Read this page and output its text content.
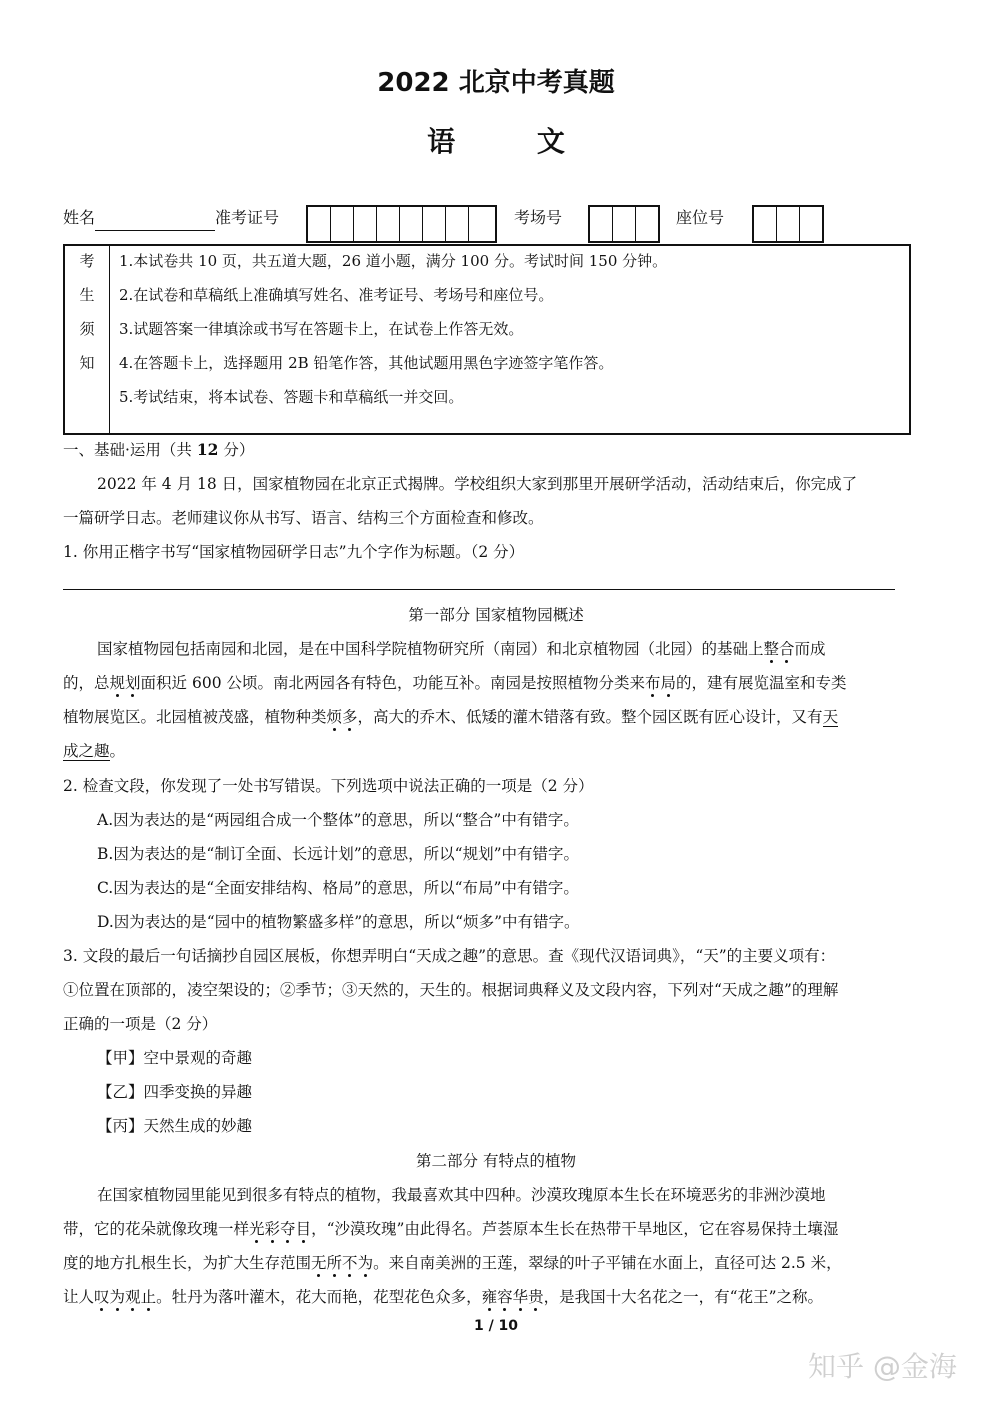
2022 北京中考真题
语 文
姓名	准考证号	考场号	座位号
考
生
须
知
1.本试卷共 10 页，共五道大题，26 道小题，满分 100 分。考试时间 150 分钟。
2.在试卷和草稿纸上准确填写姓名、准考证号、考场号和座位号。
3.试题答案一律填涂或书写在答题卡上，在试卷上作答无效。
4.在答题卡上，选择题用 2B 铅笔作答，其他试题用黑色字迹签字笔作答。
5.考试结束，将本试卷、答题卡和草稿纸一并交回。
一、基础·运用（共 12 分）
2022 年 4 月 18 日，国家植物园在北京正式揭牌。学校组织大家到那里开展研学活动，活动结束后，你完成了
一篇研学日志。老师建议你从书写、语言、结构三个方面检查和修改。
1. 你用正楷字书写“国家植物园研学日志”九个字作为标题。（2 分）
第一部分 国家植物园概述
国家植物园包括南园和北园，是在中国科学院植物研究所（南园）和北京植物园（北园）的基础上整合而成
的，总规划面积近 600 公顷。南北两园各有特色，功能互补。南园是按照植物分类来布局的，建有展览温室和专类
植物展览区。北园植被茂盛，植物种类烦多，高大的乔木、低矮的灌木错落有致。整个园区既有匠心设计，又有天
成之趣。
2. 检查文段，你发现了一处书写错误。下列选项中说法正确的一项是（2 分）
A.因为表达的是“两园组合成一个整体”的意思，所以“整合”中有错字。
B.因为表达的是“制订全面、长远计划”的意思，所以“规划”中有错字。
C.因为表达的是“全面安排结构、格局”的意思，所以“布局”中有错字。
D.因为表达的是“园中的植物繁盛多样”的意思，所以“烦多”中有错字。
3. 文段的最后一句话摘抄自园区展板，你想弄明白“天成之趣”的意思。查《现代汉语词典》，“天”的主要义项有：
①位置在顶部的，凌空架设的；②季节；③天然的，天生的。根据词典释义及文段内容，下列对“天成之趣”的理解
正确的一项是（2 分）
【甲】空中景观的奇趣
【乙】四季变换的异趣
【丙】天然生成的妙趣
第二部分 有特点的植物
在国家植物园里能见到很多有特点的植物，我最喜欢其中四种。沙漠玫瑰原本生长在环境恶劣的非洲沙漠地
带，它的花朵就像玫瑰一样光彩夺目，“沙漠玫瑰”由此得名。芦荟原本生长在热带干旱地区，它在容易保持土壤湿
度的地方扎根生长，为扩大生存范围无所不为。来自南美洲的王莲，翠绿的叶子平铺在水面上，直径可达 2.5 米，
让人叹为观止。牡丹为落叶灌木，花大而艳，花型花色众多，雍容华贵，是我国十大名花之一，有“花王”之称。
1 / 10
知乎 @金海
